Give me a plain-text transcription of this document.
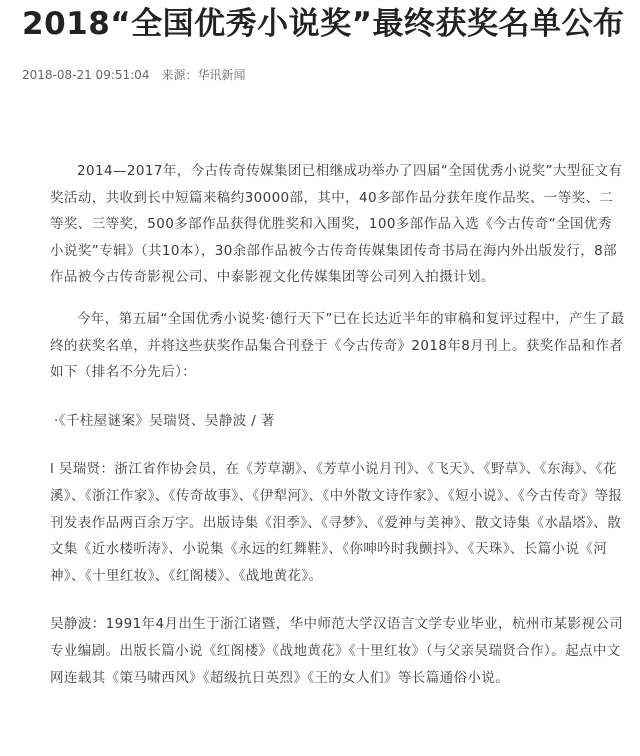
2018“全国优秀小说奖”最终获奖名单公布
2018-08-21 09:51:04 来源：华讯新闻

2014—2017年，今古传奇传媒集团已相继成功举办了四届“全国优秀小说奖”大型征文有奖活动，共收到长中短篇来稿约30000部，其中，40多部作品分获年度作品奖、一等奖、二等奖、三等奖，500多部作品获得优胜奖和入围奖，100多部作品入选《今古传奇“全国优秀小说奖”专辑》（共10本），30余部作品被今古传奇传媒集团传奇书局在海内外出版发行，8部作品被今古传奇影视公司、中泰影视文化传媒集团等公司列入拍摄计划。

今年，第五届“全国优秀小说奖·德行天下”已在长达近半年的审稿和复评过程中，产生了最终的获奖名单，并将这些获奖作品集合刊登于《今古传奇》2018年8月刊上。获奖作品和作者如下（排名不分先后）：

·《千柱屋谜案》吴瑞贤、吴静波 / 著

l 吴瑞贤：浙江省作协会员，在《芳草潮》、《芳草小说月刊》、《飞天》、《野草》、《东海》、《花溪》、《浙江作家》、《传奇故事》、《伊犁河》、《中外散文诗作家》、《短小说》、《今古传奇》等报刊发表作品两百余万字。出版诗集《泪季》、《寻梦》、《爱神与美神》、散文诗集《水晶塔》、散文集《近水楼听涛》、小说集《永远的红舞鞋》、《你呻吟时我颤抖》、《天珠》、长篇小说《河神》、《十里红妆》、《红阁楼》、《战地黄花》。

吴静波：1991年4月出生于浙江诸暨，华中师范大学汉语言文学专业毕业，杭州市某影视公司专业编剧。出版长篇小说《红阁楼》《战地黄花》《十里红妆》（与父亲吴瑞贤合作）。起点中文网连载其《策马啸西风》《超级抗日英烈》《王的女人们》等长篇通俗小说。
